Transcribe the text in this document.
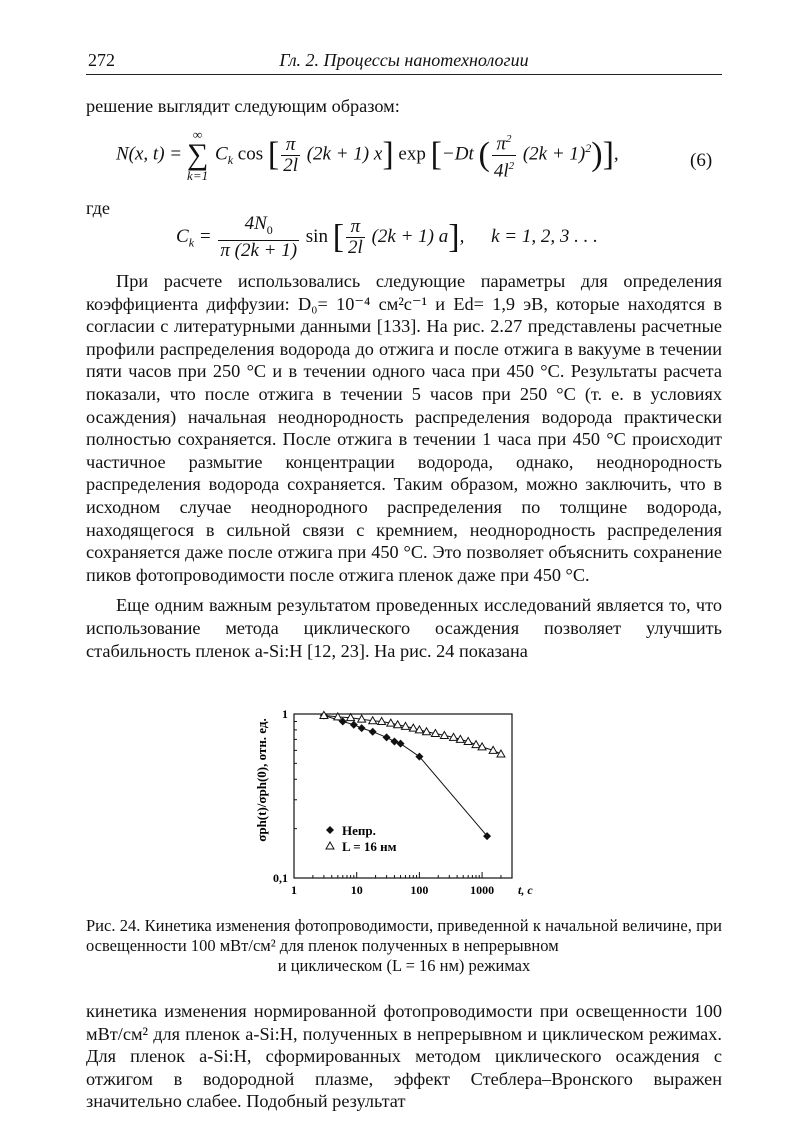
272	Гл. 2. Процессы нанотехнологии
решение выглядит следующим образом:
N(x, t) =
∞
∑
k=1
$C_k$ cos [ $\frac{\pi}{2l} (2k + 1)$ x] exp [−Dt ( $\frac{\pi^2}{4l^2} (2k + 1)^2$)],	(6)
где
$C_k = \frac{4N_0}{\pi (2k + 1)}$ sin [ $\frac{\pi}{2l} (2k + 1)$ a], k = 1, 2, 3 . . .

При расчете использовались следующие параметры для определения коэффициента диффузии: D₀= 10⁻⁴ см²с⁻¹ и Ed= 1,9 эВ, которые находятся в согласии с литературными данными [133]. На рис. 2.27 представлены расчетные профили распределения водорода до отжига и после отжига в вакууме в течении пяти часов при 250 °C и в течении одного часа при 450 °C. Результаты расчета показали, что после отжига в течении 5 часов при 250 °C (т. е. в условиях осаждения) начальная неоднородность распределения водорода практически полностью сохраняется. После отжига в течении 1 часа при 450 °C происходит частичное размытие концентрации водорода, однако, неоднородность распределения водорода сохраняется. Таким образом, можно заключить, что в исходном случае неоднородного распределения по толщине водорода, находящегося в сильной связи с кремнием, неоднородность распределения сохраняется даже после отжига при 450 °C. Это позволяет объяснить сохранение пиков фотопроводимости после отжига пленок даже при 450 °C.

Еще одним важным результатом проведенных исследований является то, что использование метода циклического осаждения позволяет улучшить стабильность пленок a-Si:H [12, 23]. На рис. 24 показана

1	10	100	1000
1
0,1
σph(t)/σph(0), отн. ед.
t, с
Непр.
L = 16 нм
Рис. 24. Кинетика изменения фотопроводимости, приведенной к начальной величине, при освещенности 100 мВт/см² для пленок полученных в непрерывном
и циклическом (L = 16 нм) режимах

кинетика изменения нормированной фотопроводимости при освещенности 100 мВт/см² для пленок a-Si:H, полученных в непрерывном и циклическом режимах. Для пленок a-Si:H, сформированных методом циклического осаждения с отжигом в водородной плазме, эффект Стеблера–Вронского выражен значительно слабее. Подобный результат
